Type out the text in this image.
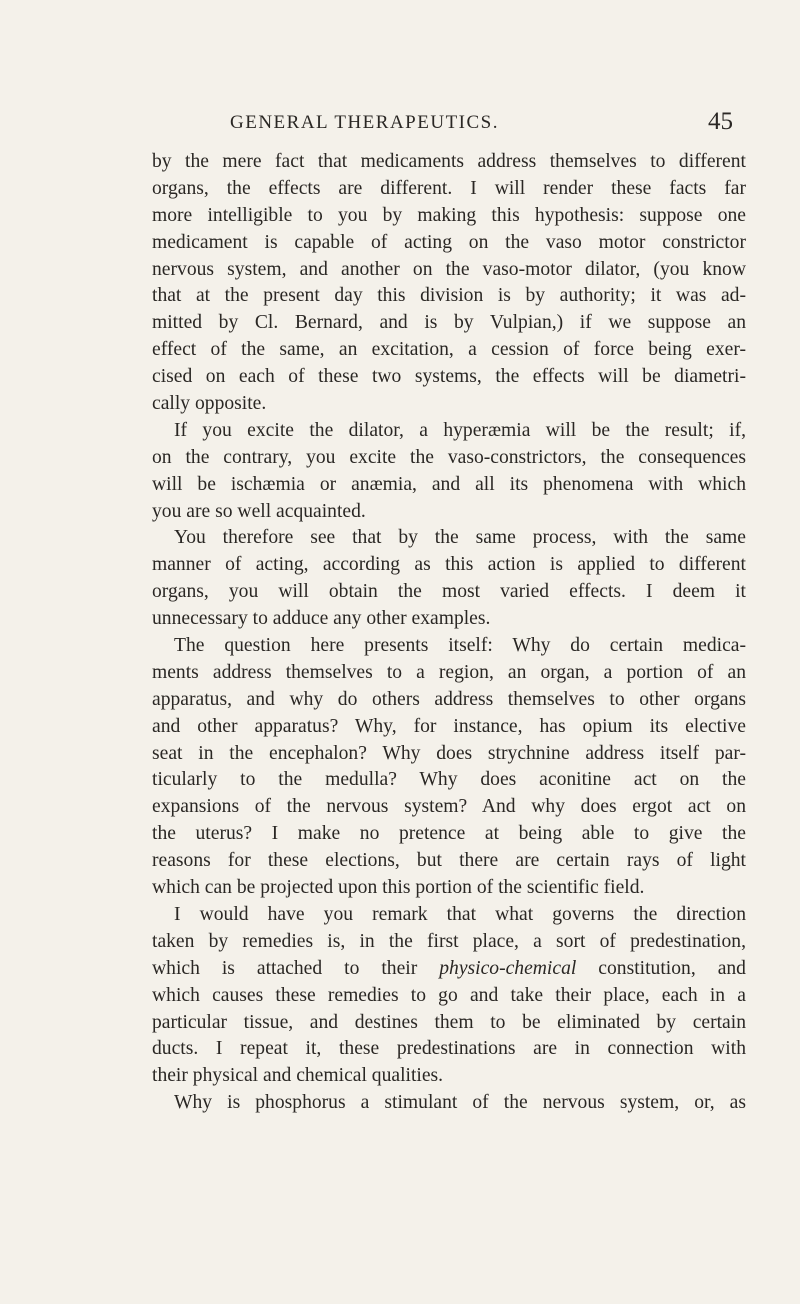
GENERAL THERAPEUTICS.	45
by the mere fact that medicaments address themselves to different
organs, the effects are different. I will render these facts far
more intelligible to you by making this hypothesis: suppose one
medicament is capable of acting on the vaso motor constrictor
nervous system, and another on the vaso-motor dilator, (you know
that at the present day this division is by authority; it was ad-
mitted by Cl. Bernard, and is by Vulpian,) if we suppose an
effect of the same, an excitation, a cession of force being exer-
cised on each of these two systems, the effects will be diametri-
cally opposite.
If you excite the dilator, a hyperæmia will be the result; if,
on the contrary, you excite the vaso-constrictors, the consequences
will be ischæmia or anæmia, and all its phenomena with which
you are so well acquainted.
You therefore see that by the same process, with the same
manner of acting, according as this action is applied to different
organs, you will obtain the most varied effects. I deem it
unnecessary to adduce any other examples.
The question here presents itself: Why do certain medica-
ments address themselves to a region, an organ, a portion of an
apparatus, and why do others address themselves to other organs
and other apparatus? Why, for instance, has opium its elective
seat in the encephalon? Why does strychnine address itself par-
ticularly to the medulla? Why does aconitine act on the
expansions of the nervous system? And why does ergot act on
the uterus? I make no pretence at being able to give the
reasons for these elections, but there are certain rays of light
which can be projected upon this portion of the scientific field.
I would have you remark that what governs the direction
taken by remedies is, in the first place, a sort of predestination,
which is attached to their physico-chemical constitution, and
which causes these remedies to go and take their place, each in a
particular tissue, and destines them to be eliminated by certain
ducts. I repeat it, these predestinations are in connection with
their physical and chemical qualities.
Why is phosphorus a stimulant of the nervous system, or, as
